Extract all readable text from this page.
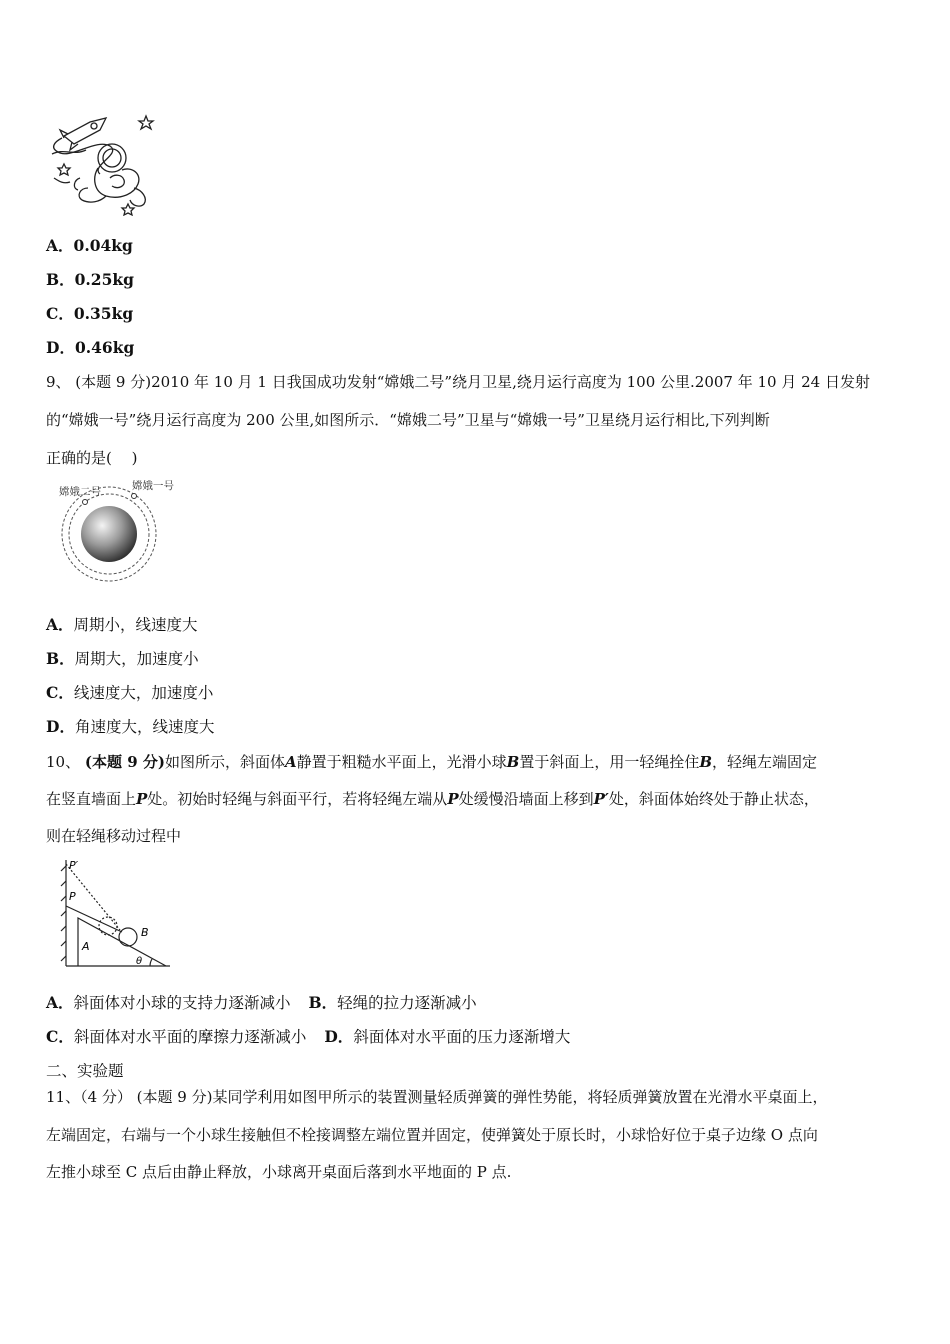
A．0.04kg
B．0.25kg
C．0.35kg
D．0.46kg
9、 (本题 9 分)2010 年 10 月 1 日我国成功发射“嫦娥二号”绕月卫星,绕月运行高度为 100 公里.2007 年 10 月 24 日发射
的“嫦娥一号”绕月运行高度为 200 公里,如图所示．“嫦娥二号”卫星与“嫦娥一号”卫星绕月运行相比,下列判断
正确的是(　 )
嫦娥二号	嫦娥一号
A．周期小，线速度大
B．周期大，加速度小
C．线速度大，加速度小
D．角速度大，线速度大
10、 (本题 9 分)如图所示，斜面体A静置于粗糙水平面上，光滑小球B置于斜面上，用一轻绳拴住B，轻绳左端固定
在竖直墙面上P处。初始时轻绳与斜面平行，若将轻绳左端从P处缓慢沿墙面上移到P′处，斜面体始终处于静止状态，
则在轻绳移动过程中
P′
P
A
B
θ
A．斜面体对小球的支持力逐渐减小 B．轻绳的拉力逐渐减小
C．斜面体对水平面的摩擦力逐渐减小 D．斜面体对水平面的压力逐渐增大
二、实验题
11、（4 分） (本题 9 分)某同学利用如图甲所示的装置测量轻质弹簧的弹性势能，将轻质弹簧放置在光滑水平桌面上，
左端固定，右端与一个小球生接触但不栓接调整左端位置并固定，使弹簧处于原长时，小球恰好位于桌子边缘 O 点向
左推小球至 C 点后由静止释放，小球离开桌面后落到水平地面的 P 点.
